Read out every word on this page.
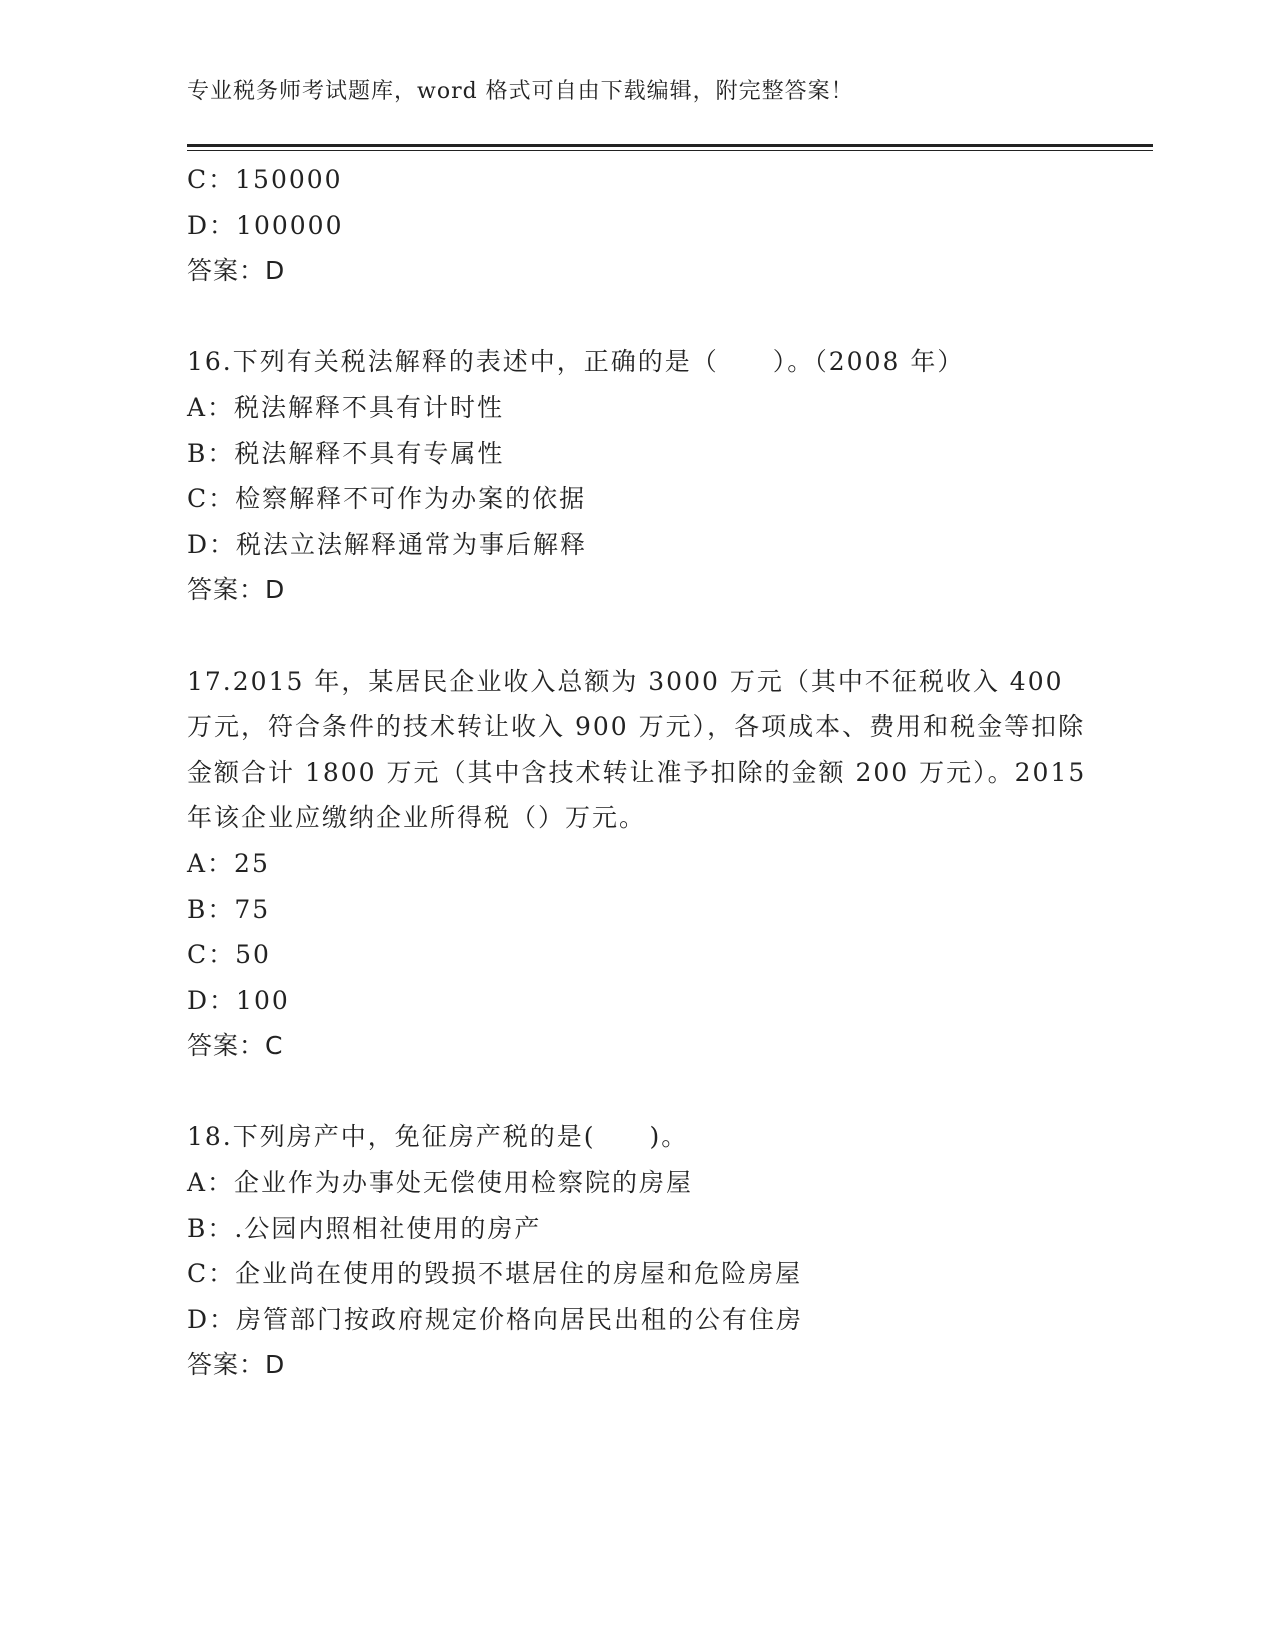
专业税务师考试题库，word 格式可自由下载编辑，附完整答案！
C：150000
D：100000
答案：D
16.下列有关税法解释的表述中，正确的是（　　）。（2008 年）
A：税法解释不具有计时性
B：税法解释不具有专属性
C：检察解释不可作为办案的依据
D：税法立法解释通常为事后解释
答案：D
17.2015 年，某居民企业收入总额为 3000 万元（其中不征税收入 400 万元，符合条件的技术转让收入 900 万元），各项成本、费用和税金等扣除金额合计 1800 万元（其中含技术转让准予扣除的金额 200 万元）。2015 年该企业应缴纳企业所得税（）万元。
A：25
B：75
C：50
D：100
答案：C
18.下列房产中，免征房产税的是(　　)。
A：企业作为办事处无偿使用检察院的房屋
B：.公园内照相社使用的房产
C：企业尚在使用的毁损不堪居住的房屋和危险房屋
D：房管部门按政府规定价格向居民出租的公有住房
答案：D
